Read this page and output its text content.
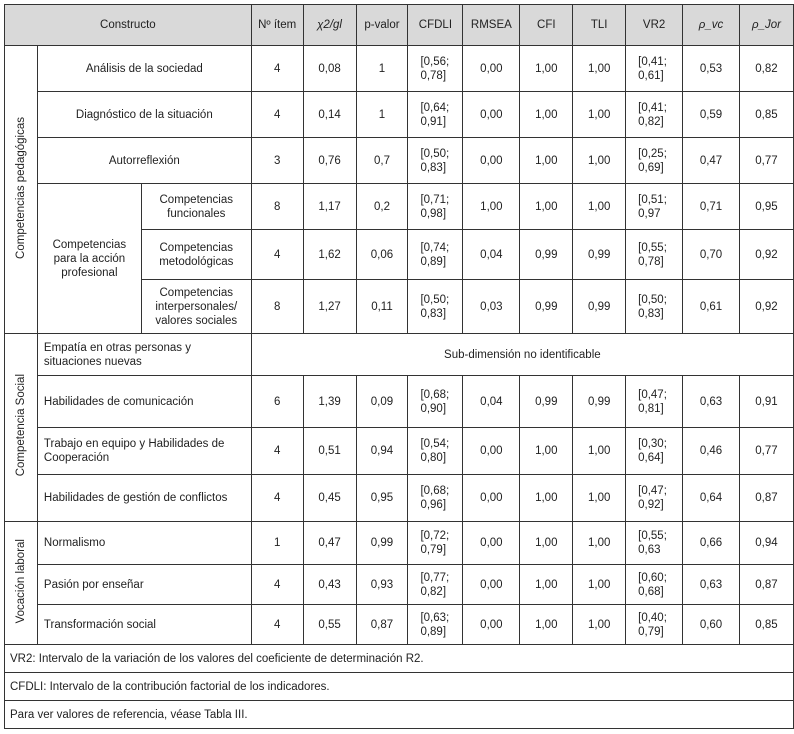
Constructo			Nº ítem	χ2/gl	p-valor	CFDLI	RMSEA	CFI	TLI	VR2	ρ_vc	ρ_Jor
Competencias pedagógicas	Análisis de la sociedad		4	0,08	1	[0,56; 0,78]	0,00	1,00	1,00	[0,41; 0,61]	0,53	0,82
	Diagnóstico de la situación		4	0,14	1	[0,64; 0,91]	0,00	1,00	1,00	[0,41; 0,82]	0,59	0,85
	Autorreflexión		3	0,76	0,7	[0,50; 0,83]	0,00	1,00	1,00	[0,25; 0,69]	0,47	0,77
	Competencias para la acción profesional	Competencias funcionales	8	1,17	0,2	[0,71; 0,98]	1,00	1,00	1,00	[0,51; 0,97	0,71	0,95
		Competencias metodológicas	4	1,62	0,06	[0,74; 0,89]	0,04	0,99	0,99	[0,55; 0,78]	0,70	0,92
		Competencias interpersonales/ valores sociales	8	1,27	0,11	[0,50; 0,83]	0,03	0,99	0,99	[0,50; 0,83]	0,61	0,92
Competencia Social	Empatía en otras personas y situaciones nuevas		Sub-dimensión no identificable									
	Habilidades de comunicación		6	1,39	0,09	[0,68; 0,90]	0,04	0,99	0,99	[0,47; 0,81]	0,63	0,91
	Trabajo en equipo y Habilidades de Cooperación		4	0,51	0,94	[0,54; 0,80]	0,00	1,00	1,00	[0,30; 0,64]	0,46	0,77
	Habilidades de gestión de conflictos		4	0,45	0,95	[0,68; 0,96]	0,00	1,00	1,00	[0,47; 0,92]	0,64	0,87
Vocación laboral	Normalismo		1	0,47	0,99	[0,72; 0,79]	0,00	1,00	1,00	[0,55; 0,63	0,66	0,94
	Pasión por enseñar		4	0,43	0,93	[0,77; 0,82]	0,00	1,00	1,00	[0,60; 0,68]	0,63	0,87
	Transformación social		4	0,55	0,87	[0,63; 0,89]	0,00	1,00	1,00	[0,40; 0,79]	0,60	0,85
VR2: Intervalo de la variación de los valores del coeficiente de determinación R2.												
CFDLI: Intervalo de la contribución factorial de los indicadores.												
Para ver valores de referencia, véase Tabla III.												
